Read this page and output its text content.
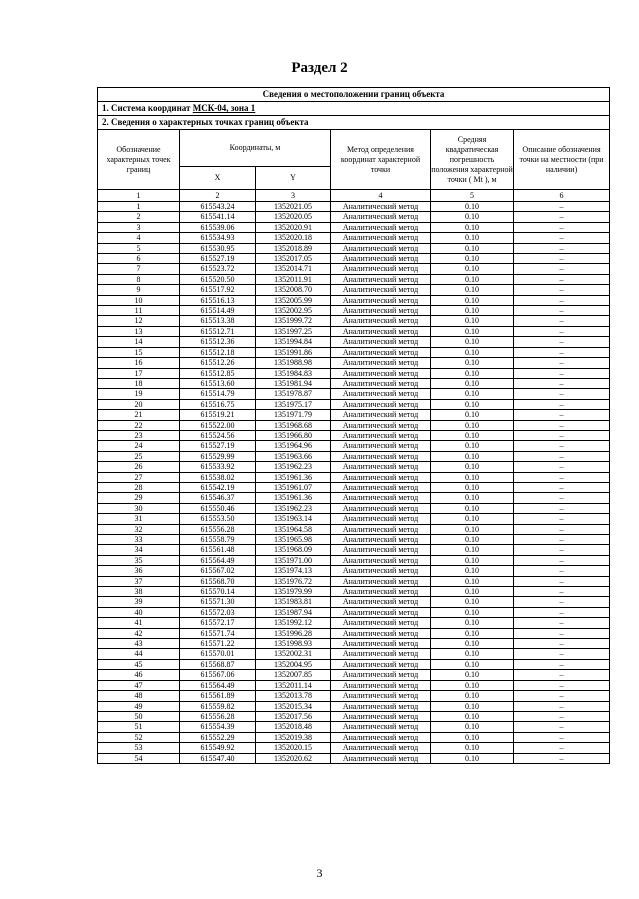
Раздел 2
Сведения о местоположении границ объекта					
1. Система координат МСК-04, зона 1					
2. Сведения о характерных точках границ объекта					
Обозначение характерных точек границ	Координаты, м		Метод определения координат характерной точки	Средняя квадратическая погрешность положения характерной точки ( Mt ), м	Описание обозначения точки на местности (при наличии)
	X	Y			
1	2	3	4	5	6
1	615543.24	1352021.05	Аналитический метод	0.10	–
2	615541.14	1352020.05	Аналитический метод	0.10	–
3	615539.06	1352020.91	Аналитический метод	0.10	–
4	615534.93	1352020.18	Аналитический метод	0.10	–
5	615530.95	1352018.89	Аналитический метод	0.10	–
6	615527.19	1352017.05	Аналитический метод	0.10	–
7	615523.72	1352014.71	Аналитический метод	0.10	–
8	615520.50	1352011.91	Аналитический метод	0.10	–
9	615517.92	1352008.70	Аналитический метод	0.10	–
10	615516.13	1352005.99	Аналитический метод	0.10	–
11	615514.49	1352002.95	Аналитический метод	0.10	–
12	615513.38	1351999.72	Аналитический метод	0.10	–
13	615512.71	1351997.25	Аналитический метод	0.10	–
14	615512.36	1351994.84	Аналитический метод	0.10	–
15	615512.18	1351991.86	Аналитический метод	0.10	–
16	615512.26	1351988.98	Аналитический метод	0.10	–
17	615512.85	1351984.83	Аналитический метод	0.10	–
18	615513.60	1351981.94	Аналитический метод	0.10	–
19	615514.79	1351978.87	Аналитический метод	0.10	–
20	615516.75	1351975.17	Аналитический метод	0.10	–
21	615519.21	1351971.79	Аналитический метод	0.10	–
22	615522.00	1351968.68	Аналитический метод	0.10	–
23	615524.56	1351966.80	Аналитический метод	0.10	–
24	615527.19	1351964.96	Аналитический метод	0.10	–
25	615529.99	1351963.66	Аналитический метод	0.10	–
26	615533.92	1351962.23	Аналитический метод	0.10	–
27	615538.02	1351961.36	Аналитический метод	0.10	–
28	615542.19	1351961.07	Аналитический метод	0.10	–
29	615546.37	1351961.36	Аналитический метод	0.10	–
30	615550.46	1351962.23	Аналитический метод	0.10	–
31	615553.50	1351963.14	Аналитический метод	0.10	–
32	615556.28	1351964.58	Аналитический метод	0.10	–
33	615558.79	1351965.98	Аналитический метод	0.10	–
34	615561.48	1351968.09	Аналитический метод	0.10	–
35	615564.49	1351971.00	Аналитический метод	0.10	–
36	615567.02	1351974.13	Аналитический метод	0.10	–
37	615568.70	1351976.72	Аналитический метод	0.10	–
38	615570.14	1351979.99	Аналитический метод	0.10	–
39	615571.30	1351983.81	Аналитический метод	0.10	–
40	615572.03	1351987.94	Аналитический метод	0.10	–
41	615572.17	1351992.12	Аналитический метод	0.10	–
42	615571.74	1351996.28	Аналитический метод	0.10	–
43	615571.22	1351998.93	Аналитический метод	0.10	–
44	615570.01	1352002.31	Аналитический метод	0.10	–
45	615568.87	1352004.95	Аналитический метод	0.10	–
46	615567.06	1352007.85	Аналитический метод	0.10	–
47	615564.49	1352011.14	Аналитический метод	0.10	–
48	615561.89	1352013.78	Аналитический метод	0.10	–
49	615559.82	1352015.34	Аналитический метод	0.10	–
50	615556.28	1352017.56	Аналитический метод	0.10	–
51	615554.39	1352018.48	Аналитический метод	0.10	–
52	615552.29	1352019.38	Аналитический метод	0.10	–
53	615549.92	1352020.15	Аналитический метод	0.10	–
54	615547.40	1352020.62	Аналитический метод	0.10	–
3
